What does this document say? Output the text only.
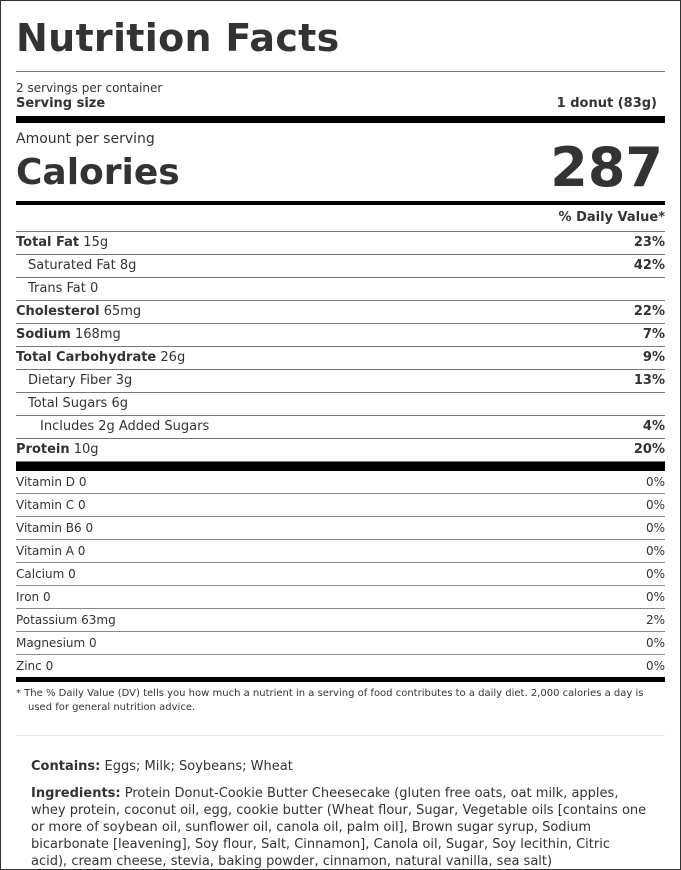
Nutrition Facts
2 servings per container
Serving size	1 donut (83g)
Amount per serving
Calories	287
% Daily Value*
Total Fat 15g	23%
Saturated Fat 8g	42%
Trans Fat 0
Cholesterol 65mg	22%
Sodium 168mg	7%
Total Carbohydrate 26g	9%
Dietary Fiber 3g	13%
Total Sugars 6g
Includes 2g Added Sugars	4%
Protein 10g	20%
Vitamin D 0	0%
Vitamin C 0	0%
Vitamin B6 0	0%
Vitamin A 0	0%
Calcium 0	0%
Iron 0	0%
Potassium 63mg	2%
Magnesium 0	0%
Zinc 0	0%
* The % Daily Value (DV) tells you how much a nutrient in a serving of food contributes to a daily diet. 2,000 calories a day is used for general nutrition advice.
Contains: Eggs; Milk; Soybeans; Wheat
Ingredients: Protein Donut-Cookie Butter Cheesecake (gluten free oats, oat milk, apples, whey protein, coconut oil, egg, cookie butter (Wheat flour, Sugar, Vegetable oils [contains one or more of soybean oil, sunflower oil, canola oil, palm oil], Brown sugar syrup, Sodium bicarbonate [leavening], Soy flour, Salt, Cinnamon], Canola oil, Sugar, Soy lecithin, Citric acid), cream cheese, stevia, baking powder, cinnamon, natural vanilla, sea salt)
